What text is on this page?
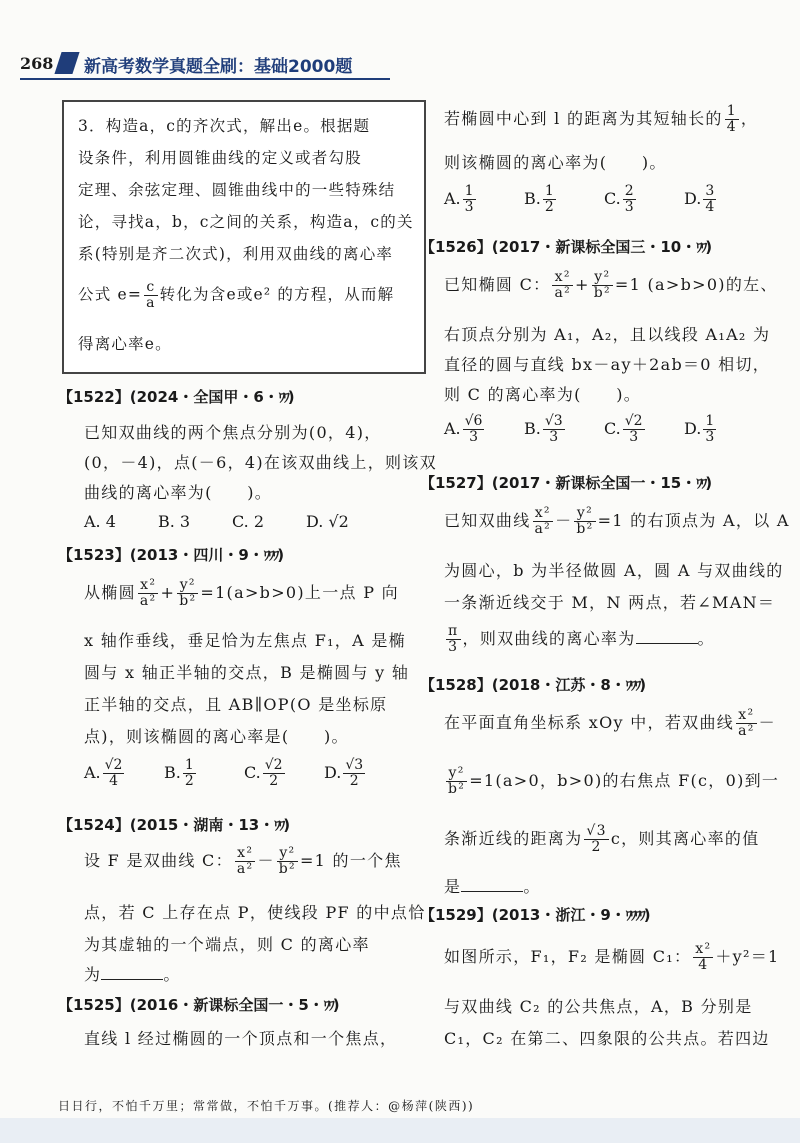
268 新高考数学真题全刷：基础2000题
3．构造a，c的齐次式，解出e。根据题
设条件，利用圆锥曲线的定义或者勾股
定理、余弦定理、圆锥曲线中的一些特殊结
论，寻找a，b，c之间的关系，构造a，c的关
系(特别是齐二次式)，利用双曲线的离心率
公式 $e= \frac{c}{a}$ 转化为含e或e² 的方程，从而解
得离心率e。
【1522】(2024・全国甲・6・ﾜﾜ)
已知双曲线的两个焦点分别为(0，4)，
(0，－4)，点(－6，4)在该双曲线上，则该双
曲线的离心率为(　　)。
A. 4	B. 3	C. 2	D. √2
【1523】(2013・四川・9・ﾜﾜﾜ)
从椭圆 $\frac{\text{x²}}{\text{a²}} + \frac{\text{y²}}{\text{b²}} =1(a>b>0)$上一点 P 向
x 轴作垂线，垂足恰为左焦点 F₁，A 是椭
圆与 x 轴正半轴的交点，B 是椭圆与 y 轴
正半轴的交点，且 AB∥OP(O 是坐标原
点)，则该椭圆的离心率是(　　)。
A. $\frac{√2}{4} B$. $\frac{1}{2}$	C. $\frac{√2}{2} D$. $\frac{√3}{2}$
【1524】(2015・湖南・13・ﾜﾜ)
设 F 是双曲线 C： $\frac{\text{x²}}{\text{a²}} - \frac{\text{y²}}{\text{b²}} =1$ 的一个焦
点，若 C 上存在点 P，使线段 PF 的中点恰
为其虚轴的一个端点，则 C 的离心率
为	。
【1525】(2016・新课标全国一・5・ﾜﾜ)
直线 l 经过椭圆的一个顶点和一个焦点，
若椭圆中心到 l 的距离为其短轴长的 $\frac{1}{4}$ ，
则该椭圆的离心率为(　　)。
A. $\frac{1}{3}$	B. $\frac{1}{2}$	C. $\frac{2}{3}$	D. $\frac{3}{4}$
【1526】(2017・新课标全国三・10・ﾜﾜ)
已知椭圆 C： $\frac{\text{x²}}{\text{a²}} + \frac{\text{y²}}{\text{b²}} =1$ (a>b>0)的左、
右顶点分别为 A₁，A₂，且以线段 A₁A₂ 为
直径的圆与直线 bx－ay＋2ab＝0 相切，
则 C 的离心率为(　　)。
A. $\frac{√6}{3} B$. $\frac{√3}{3} C$. $\frac{√2}{3} D$. $\frac{1}{3}$
【1527】(2017・新课标全国一・15・ﾜﾜ)
已知双曲线 $\frac{\text{x²}}{\text{a²}} - \frac{\text{y²}}{\text{b²}} =1$ 的右顶点为 A，以 A
为圆心，b 为半径做圆 A，圆 A 与双曲线的
一条渐近线交于 M，N 两点，若∠MAN＝
$\frac{\pi}{3}$ ，则双曲线的离心率为	。
【1528】(2018・江苏・8・ﾜﾜﾜ)
在平面直角坐标系 xOy 中，若双曲线 $\frac{\text{x²}}{\text{a²}}$ －
$\frac{\text{y²}}{\text{b²}} =1(a>0$，b>0)的右焦点 F(c，0)到一
条渐近线的距离为 $\frac{√3}{2}$ c，则其离心率的值
是	。
【1529】(2013・浙江・9・ﾜﾜﾜﾜ)
如图所示，F₁，F₂ 是椭圆 C₁： $\frac{\text{x²}}{4} +y^2=1$
与双曲线 C₂ 的公共焦点，A，B 分别是
C₁，C₂ 在第二、四象限的公共点。若四边
日日行，不怕千万里；常常做，不怕千万事。(推荐人：@杨萍(陕西))
